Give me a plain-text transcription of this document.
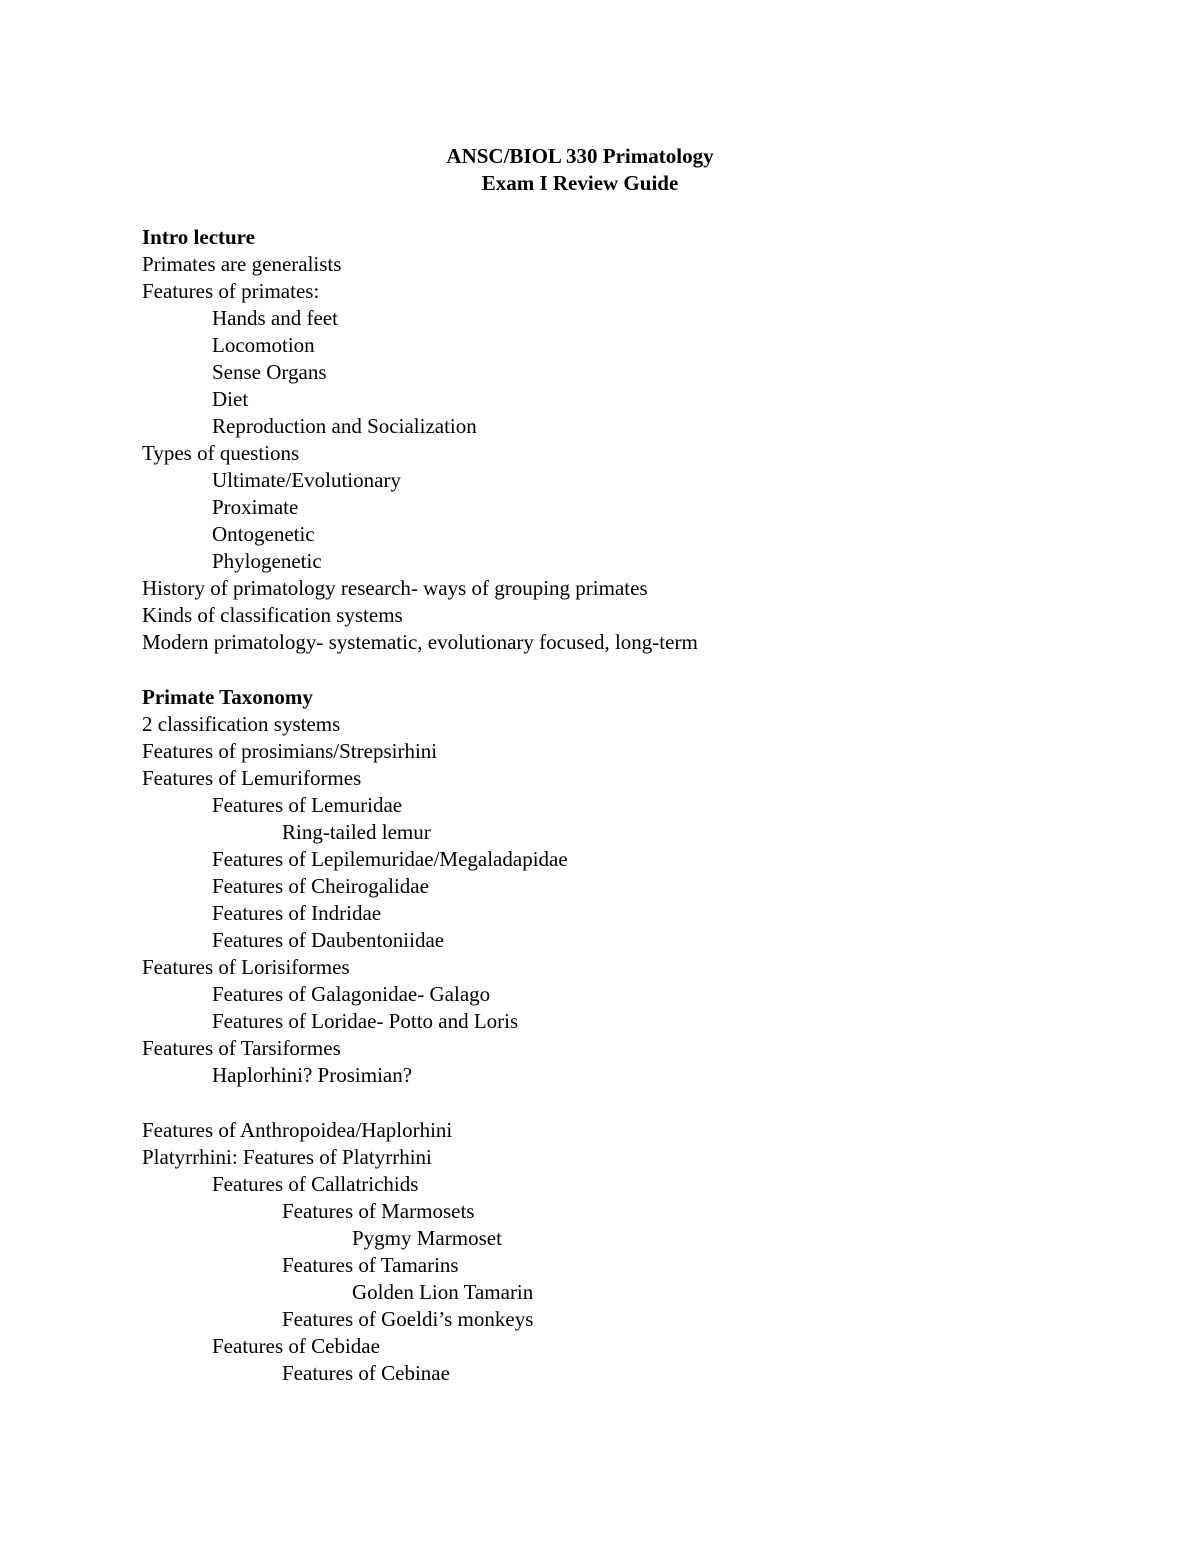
ANSC/BIOL 330 Primatology
Exam I Review Guide
Intro lecture
Primates are generalists
Features of primates:
Hands and feet
Locomotion
Sense Organs
Diet
Reproduction and Socialization
Types of questions
Ultimate/Evolutionary
Proximate
Ontogenetic
Phylogenetic
History of primatology research- ways of grouping primates
Kinds of classification systems
Modern primatology- systematic, evolutionary focused, long-term
Primate Taxonomy
2 classification systems
Features of prosimians/Strepsirhini
Features of Lemuriformes
Features of Lemuridae
Ring-tailed lemur
Features of Lepilemuridae/Megaladapidae
Features of Cheirogalidae
Features of Indridae
Features of Daubentoniidae
Features of Lorisiformes
Features of Galagonidae- Galago
Features of Loridae- Potto and Loris
Features of Tarsiformes
Haplorhini? Prosimian?
Features of Anthropoidea/Haplorhini
Platyrrhini: Features of Platyrrhini
Features of Callatrichids
Features of Marmosets
Pygmy Marmoset
Features of Tamarins
Golden Lion Tamarin
Features of Goeldi’s monkeys
Features of Cebidae
Features of Cebinae
